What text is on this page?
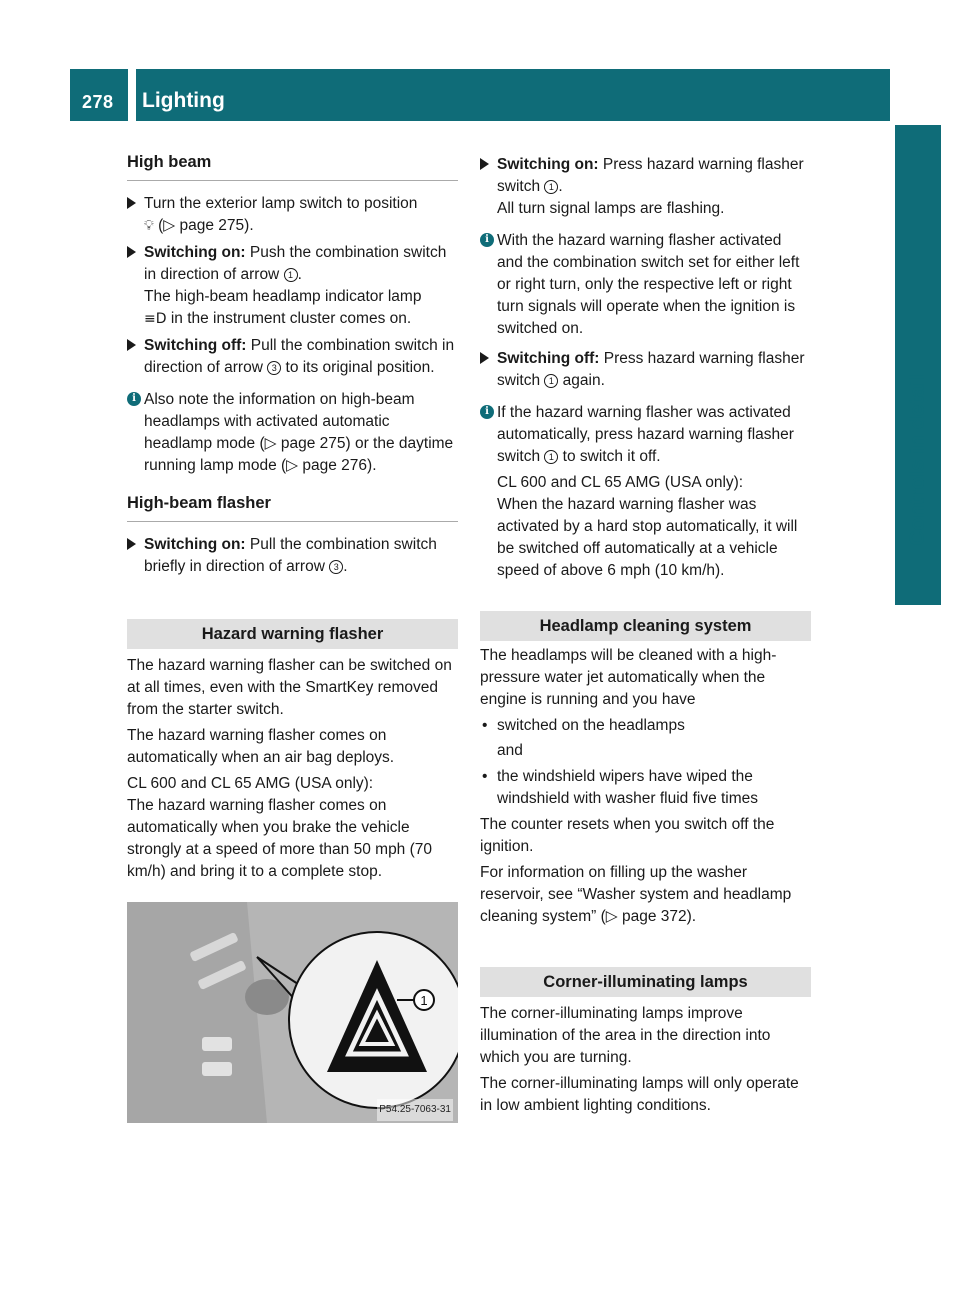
278 Lighting
Controls in detail
High beam
Turn the exterior lamp switch to position
💡︎ (▷ page 275).
Switching on: Push the combination switch in direction of arrow 1 .
The high-beam headlamp indicator lamp
≡D in the instrument cluster comes on.
Switching off: Pull the combination switch in direction of arrow 3 to its original position.
i Also note the information on high-beam headlamps with activated automatic headlamp mode (▷ page 275) or the daytime running lamp mode (▷ page 276).
High-beam flasher
Switching on: Pull the combination switch briefly in direction of arrow 3 .
Hazard warning flasher

The hazard warning flasher can be switched on at all times, even with the SmartKey removed from the starter switch.

The hazard warning flasher comes on automatically when an air bag deploys.

CL 600 and CL 65 AMG (USA only):

The hazard warning flasher comes on automatically when you brake the vehicle strongly at a speed of more than 50 mph (70 km/h) and bring it to a complete stop.

1
P54.25-7063-31
Switching on: Press hazard warning flasher switch 1 .
All turn signal lamps are flashing.
i With the hazard warning flasher activated and the combination switch set for either left or right turn, only the respective left or right turn signals will operate when the ignition is switched on.
Switching off: Press hazard warning flasher switch 1 again.
i If the hazard warning flasher was activated automatically, press hazard warning flasher switch 1 to switch it off.

CL 600 and CL 65 AMG (USA only):

When the hazard warning flasher was activated by a hard stop automatically, it will be switched off automatically at a vehicle speed of above 6 mph (10 km/h).

Headlamp cleaning system

The headlamps will be cleaned with a high-pressure water jet automatically when the engine is running and you have

• switched on the headlamps
and
• the windshield wipers have wiped the windshield with washer fluid five times

The counter resets when you switch off the ignition.

For information on filling up the washer reservoir, see “Washer system and headlamp cleaning system” (▷ page 372).

Corner-illuminating lamps

The corner-illuminating lamps improve illumination of the area in the direction into which you are turning.

The corner-illuminating lamps will only operate in low ambient lighting conditions.
